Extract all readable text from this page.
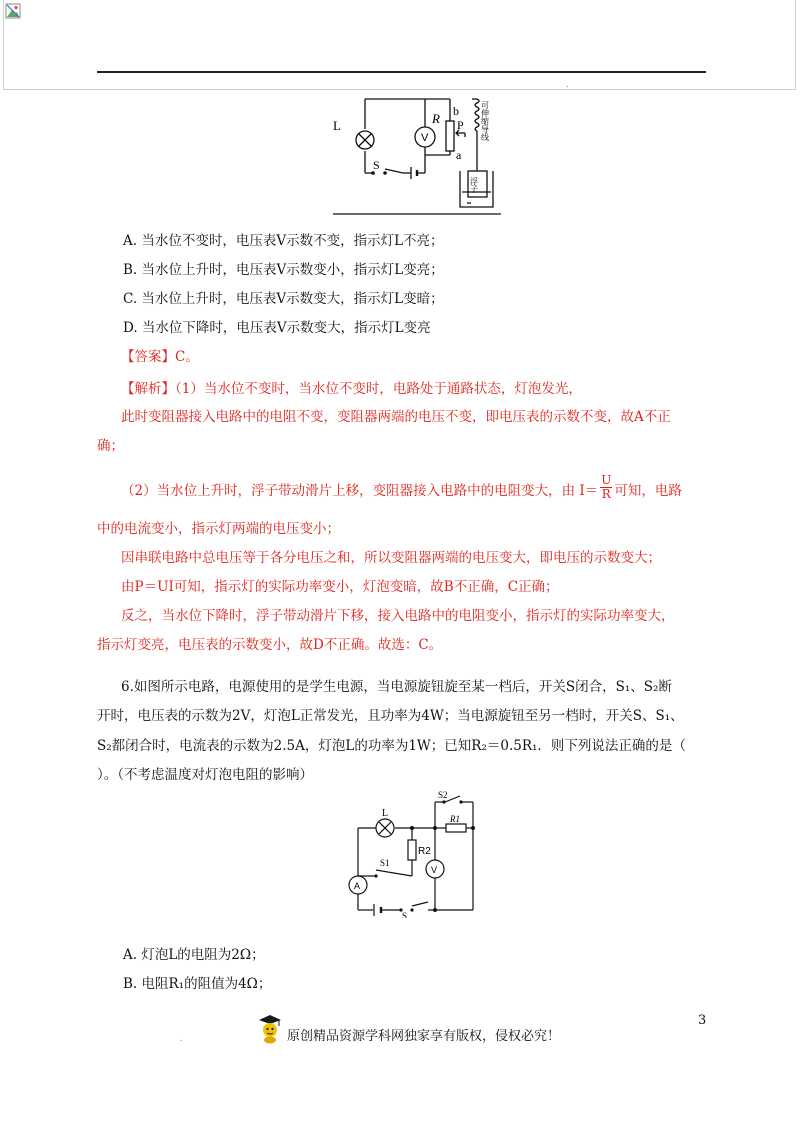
.
L
V
R P
b
a
S
可伸缩导线
浮子
A. 当水位不变时，电压表V示数不变，指示灯L不亮；
B. 当水位上升时，电压表V示数变小，指示灯L变亮；
C. 当水位上升时，电压表V示数变大，指示灯L变暗；
D. 当水位下降时，电压表V示数变大，指示灯L变亮
【答案】C。
【解析】（1）当水位不变时，当水位不变时，电路处于通路状态，灯泡发光，
此时变阻器接入电路中的电阻不变，变阻器两端的电压不变，即电压表的示数不变，故A不正
确；
（2）当水位上升时，浮子带动滑片上移，变阻器接入电路中的电阻变大，由 $I= \frac{U}{R}$ 可知，电路
中的电流变小，指示灯两端的电压变小；
因串联电路中总电压等于各分电压之和，所以变阻器两端的电压变大，即电压的示数变大；
由P＝UI可知，指示灯的实际功率变小，灯泡变暗，故B不正确，C正确；
反之，当水位下降时，浮子带动滑片下移，接入电路中的电阻变小，指示灯的实际功率变大，
指示灯变亮，电压表的示数变小，故D不正确。故选：C。
6.如图所示电路，电源使用的是学生电源，当电源旋钮旋至某一档后，开关S闭合，S₁、S₂断
开时，电压表的示数为2V，灯泡L正常发光，且功率为4W；当电源旋钮至另一档时，开关S、S₁、
S₂都闭合时，电流表的示数为2.5A，灯泡L的功率为1W；已知R₂＝0.5R₁．则下列说法正确的是（
）。（不考虑温度对灯泡电阻的影响）
L
S2
R1
S1
R2
V
A
S
A. 灯泡L的电阻为2Ω；
B. 电阻R₁的阻值为4Ω；
3
.	原创精品资源学科网独家享有版权，侵权必究！
